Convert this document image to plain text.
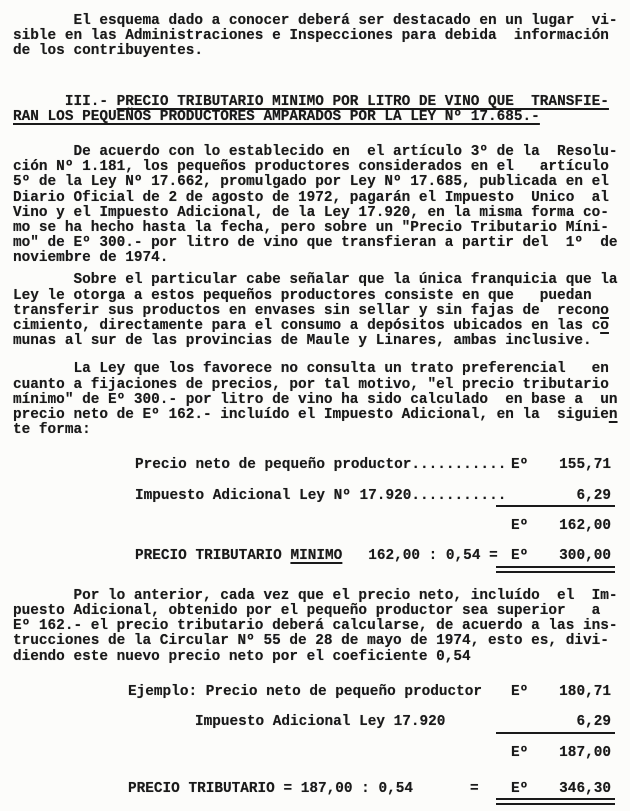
El esquema dado a conocer deberá ser destacado en un lugar  vi-
sible en las Administraciones e Inspecciones para debida  información
de los contribuyentes.
III.- PRECIO TRIBUTARIO MINIMO POR LITRO DE VINO QUE  TRANSFIE-
RAN LOS PEQUEÑOS PRODUCTORES AMPARADOS POR LA LEY Nº 17.685.-
De acuerdo con lo establecido en  el artículo 3º de la  Resolu-
ción Nº 1.181, los pequeños productores considerados en el   artículo
5º de la Ley Nº 17.662, promulgado por Ley Nº 17.685, publicada en el
Diario Oficial de 2 de agosto de 1972, pagarán el Impuesto  Unico  al
Vino y el Impuesto Adicional, de la Ley 17.920, en la misma forma co-
mo se ha hecho hasta la fecha, pero sobre un "Precio Tributario Míni-
mo" de Eº 300.- por litro de vino que transfieran a partir del  1º  de
noviembre de 1974.
Sobre el particular cabe señalar que la única franquicia que la
Ley le otorga a estos pequeños productores consiste en que   puedan
transferir sus productos en envases sin sellar y sin fajas de  recono
cimiento, directamente para el consumo a depósitos ubicados en las co
munas al sur de las provincias de Maule y Linares, ambas inclusive.
La Ley que los favorece no consulta un trato preferencial   en
cuanto a fijaciones de precios, por tal motivo, "el precio tributario
mínimo" de Eº 300.- por litro de vino ha sido calculado  en base a  un
precio neto de Eº 162.- incluído el Impuesto Adicional, en la  siguien
te forma:
Precio neto de pequeño productor........... Eº 155,71
Impuesto Adicional Ley Nº 17.920...........	6,29
Eº 162,00
PRECIO TRIBUTARIO MINIMO   162,00 : 0,54 = Eº 300,00
Por lo anterior, cada vez que el precio neto, incluído  el  Im-
puesto Adicional, obtenido por el pequeño productor sea superior   a
Eº 162.- el precio tributario deberá calcularse, de acuerdo a las ins-
trucciones de la Circular Nº 55 de 28 de mayo de 1974, esto es, divi-
diendo este nuevo precio neto por el coeficiente 0,54
Ejemplo: Precio neto de pequeño productor Eº 180,71
Impuesto Adicional Ley 17.920	6,29
Eº 187,00
PRECIO TRIBUTARIO = 187,00 : 0,54	= Eº 346,30
